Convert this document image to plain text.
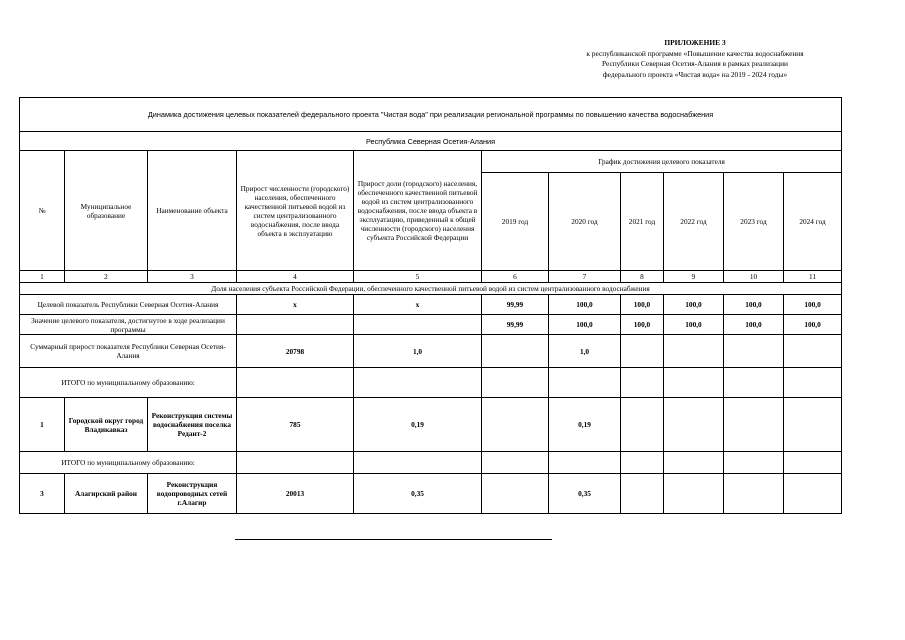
ПРИЛОЖЕНИЕ 3
к республиканской программе «Повышение качества водоснабжения
Республики Северная Осетия-Алания в рамках реализации
федерального проекта «Чистая вода» на 2019 - 2024 годы»
Динамика достижения целевых показателей федерального проекта "Чистая вода" при реализации региональной программы по повышению качества водоснабжения										
Республика Северная Осетия-Алания										
№	Муниципальное образование	Наименование объекта	Прирост численности (городского) населения, обеспеченного качественной питьевой водой из систем централизованного водоснабжения, после ввода объекта в эксплуатацию	Прирост доли (городского) населения, обеспеченного качественной питьевой водой из систем централизованного водоснабжения, после ввода объекта в эксплуатацию, приведенный к общей численности (городского) населения субъекта Российской Федерации	График достижения целевого показателя					
					2019 год	2020 год	2021 год	2022 год	2023 год	2024 год
1	2	3	4	5	6	7	8	9	10	11
Доля населения субъекта Российской Федерации, обеспеченного качественной питьевой водой из систем централизованного водоснабжения										
Целевой показатель Республики Северная Осетия-Алания			x	x	99,99	100,0	100,0	100,0	100,0	100,0
Значение целевого показателя, достигнутое в ходе реализации программы					99,99	100,0	100,0	100,0	100,0	100,0
Суммарный прирост показателя Республики Северная Осетия-Алания			20798	1,0		1,0				
ИТОГО по муниципальному образованию:										
1	Городской округ город Владикавказ	Реконструкция системы водоснабжения поселка Редант-2	785	0,19		0,19				
ИТОГО по муниципальному образованию:										
3	Алагирский район	Реконструкция водопроводных сетей г.Алагир	20013	0,35		0,35				
